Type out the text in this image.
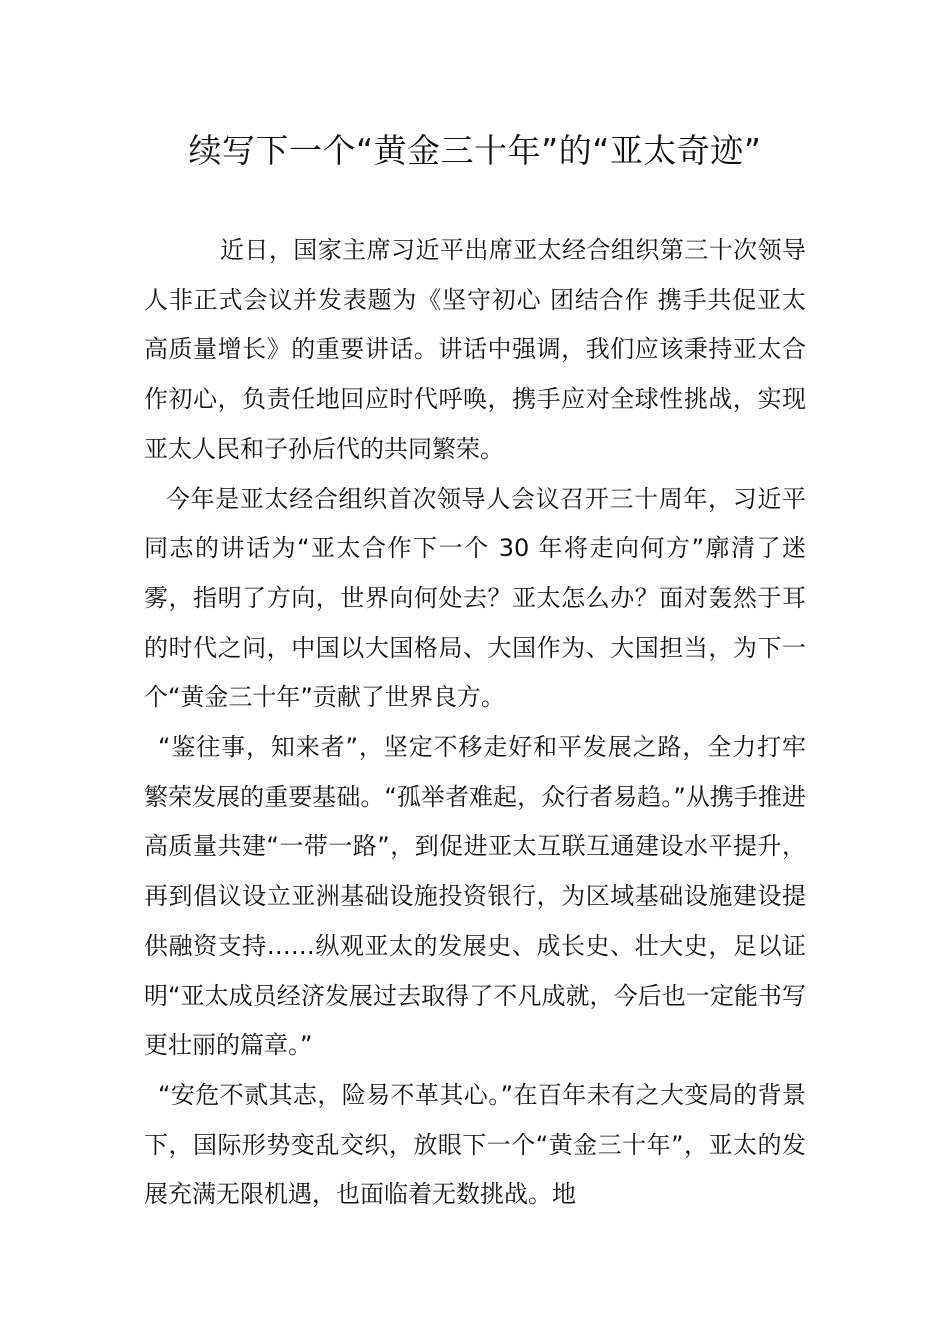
续写下一个“黄金三十年”的“亚太奇迹”

近日，国家主席习近平出席亚太经合组织第三十次领导人非正式会议并发表题为《坚守初心 团结合作 携手共促亚太高质量增长》的重要讲话。讲话中强调，我们应该秉持亚太合作初心，负责任地回应时代呼唤，携手应对全球性挑战，实现亚太人民和子孙后代的共同繁荣。

今年是亚太经合组织首次领导人会议召开三十周年，习近平同志的讲话为“亚太合作下一个 30 年将走向何方”廓清了迷雾，指明了方向，世界向何处去？亚太怎么办？面对轰然于耳的时代之问，中国以大国格局、大国作为、大国担当，为下一个“黄金三十年”贡献了世界良方。

“鉴往事，知来者”，坚定不移走好和平发展之路，全力打牢繁荣发展的重要基础。“孤举者难起，众行者易趋。”从携手推进高质量共建“一带一路”，到促进亚太互联互通建设水平提升，再到倡议设立亚洲基础设施投资银行，为区域基础设施建设提供融资支持……纵观亚太的发展史、成长史、壮大史，足以证明“亚太成员经济发展过去取得了不凡成就，今后也一定能书写更壮丽的篇章。”

“安危不贰其志，险易不革其心。”在百年未有之大变局的背景下，国际形势变乱交织，放眼下一个“黄金三十年”，亚太的发展充满无限机遇，也面临着无数挑战。地
